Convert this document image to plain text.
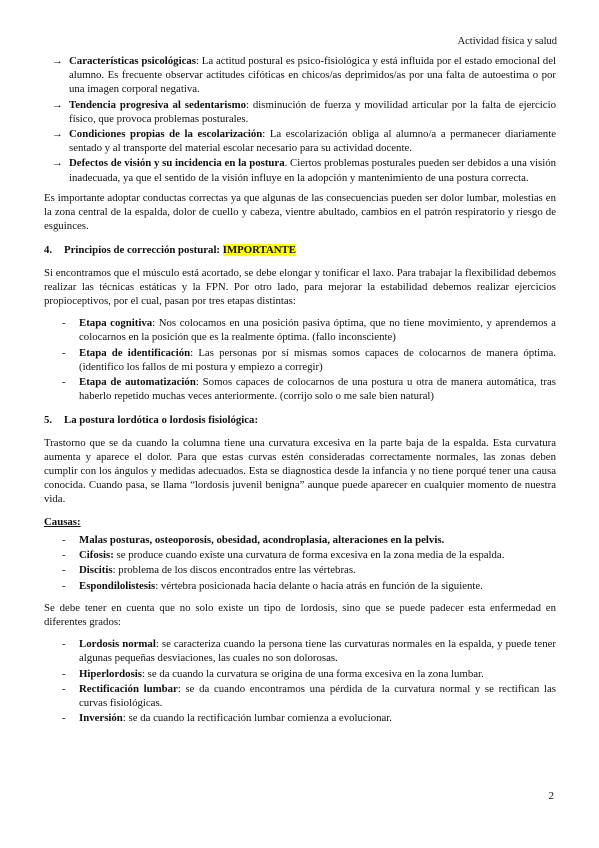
Actividad física y salud
→ Características psicológicas: La actitud postural es psico-fisiológica y está influida por el estado emocional del alumno. Es frecuente observar actitudes cifóticas en chicos/as deprimidos/as por una falta de autoestima o por una imagen corporal negativa.
→ Tendencia progresiva al sedentarismo: disminución de fuerza y movilidad articular por la falta de ejercicio físico, que provoca problemas posturales.
→ Condiciones propias de la escolarización: La escolarización obliga al alumno/a a permanecer diariamente sentado y al transporte del material escolar necesario para su actividad docente.
→ Defectos de visión y su incidencia en la postura. Ciertos problemas posturales pueden ser debidos a una visión inadecuada, ya que el sentido de la visión influye en la adopción y mantenimiento de una postura correcta.

Es importante adoptar conductas correctas ya que algunas de las consecuencias pueden ser dolor lumbar, molestias en la zona central de la espalda, dolor de cuello y cabeza, vientre abultado, cambios en el patrón respiratorio y riesgo de esguinces.

4. Principios de corrección postural: IMPORTANTE

Si encontramos que el músculo está acortado, se debe elongar y tonificar el laxo. Para trabajar la flexibilidad debemos realizar las técnicas estáticas y la FPN. Por otro lado, para mejorar la estabilidad debemos realizar ejercicios propioceptivos, por el cual, pasan por tres etapas distintas:

- Etapa cognitiva: Nos colocamos en una posición pasiva óptima, que no tiene movimiento, y aprendemos a colocarnos en la posición que es la realmente óptima. (fallo inconsciente)
- Etapa de identificación: Las personas por sí mismas somos capaces de colocarnos de manera óptima. (identifico los fallos de mi postura y empiezo a corregir)
- Etapa de automatización: Somos capaces de colocarnos de una postura u otra de manera automática, tras haberlo repetido muchas veces anteriormente. (corrijo solo o me sale bien natural)
5. La postura lordótica o lordosis fisiológica:

Trastorno que se da cuando la columna tiene una curvatura excesiva en la parte baja de la espalda. Esta curvatura aumenta y aparece el dolor. Para que estas curvas estén consideradas correctamente normales, las zonas deben cumplir con los ángulos y medidas adecuados. Esta se diagnostica desde la infancia y no tiene porqué tener una causa conocida. Cuando pasa, se llama “lordosis juvenil benigna” aunque puede aparecer en cualquier momento de nuestra vida.

Causas:
- Malas posturas, osteoporosis, obesidad, acondroplasia, alteraciones en la pelvis.
- Cifosis: se produce cuando existe una curvatura de forma excesiva en la zona media de la espalda.
- Discitis: problema de los discos encontrados entre las vértebras.
- Espondilolistesis: vértebra posicionada hacia delante o hacia atrás en función de la siguiente.

Se debe tener en cuenta que no solo existe un tipo de lordosis, sino que se puede padecer esta enfermedad en diferentes grados:

- Lordosis normal: se caracteriza cuando la persona tiene las curvaturas normales en la espalda, y puede tener algunas pequeñas desviaciones, las cuales no son dolorosas.
- Hiperlordosis: se da cuando la curvatura se origina de una forma excesiva en la zona lumbar.
- Rectificación lumbar: se da cuando encontramos una pérdida de la curvatura normal y se rectifican las curvas fisiológicas.
- Inversión: se da cuando la rectificación lumbar comienza a evolucionar.
2
